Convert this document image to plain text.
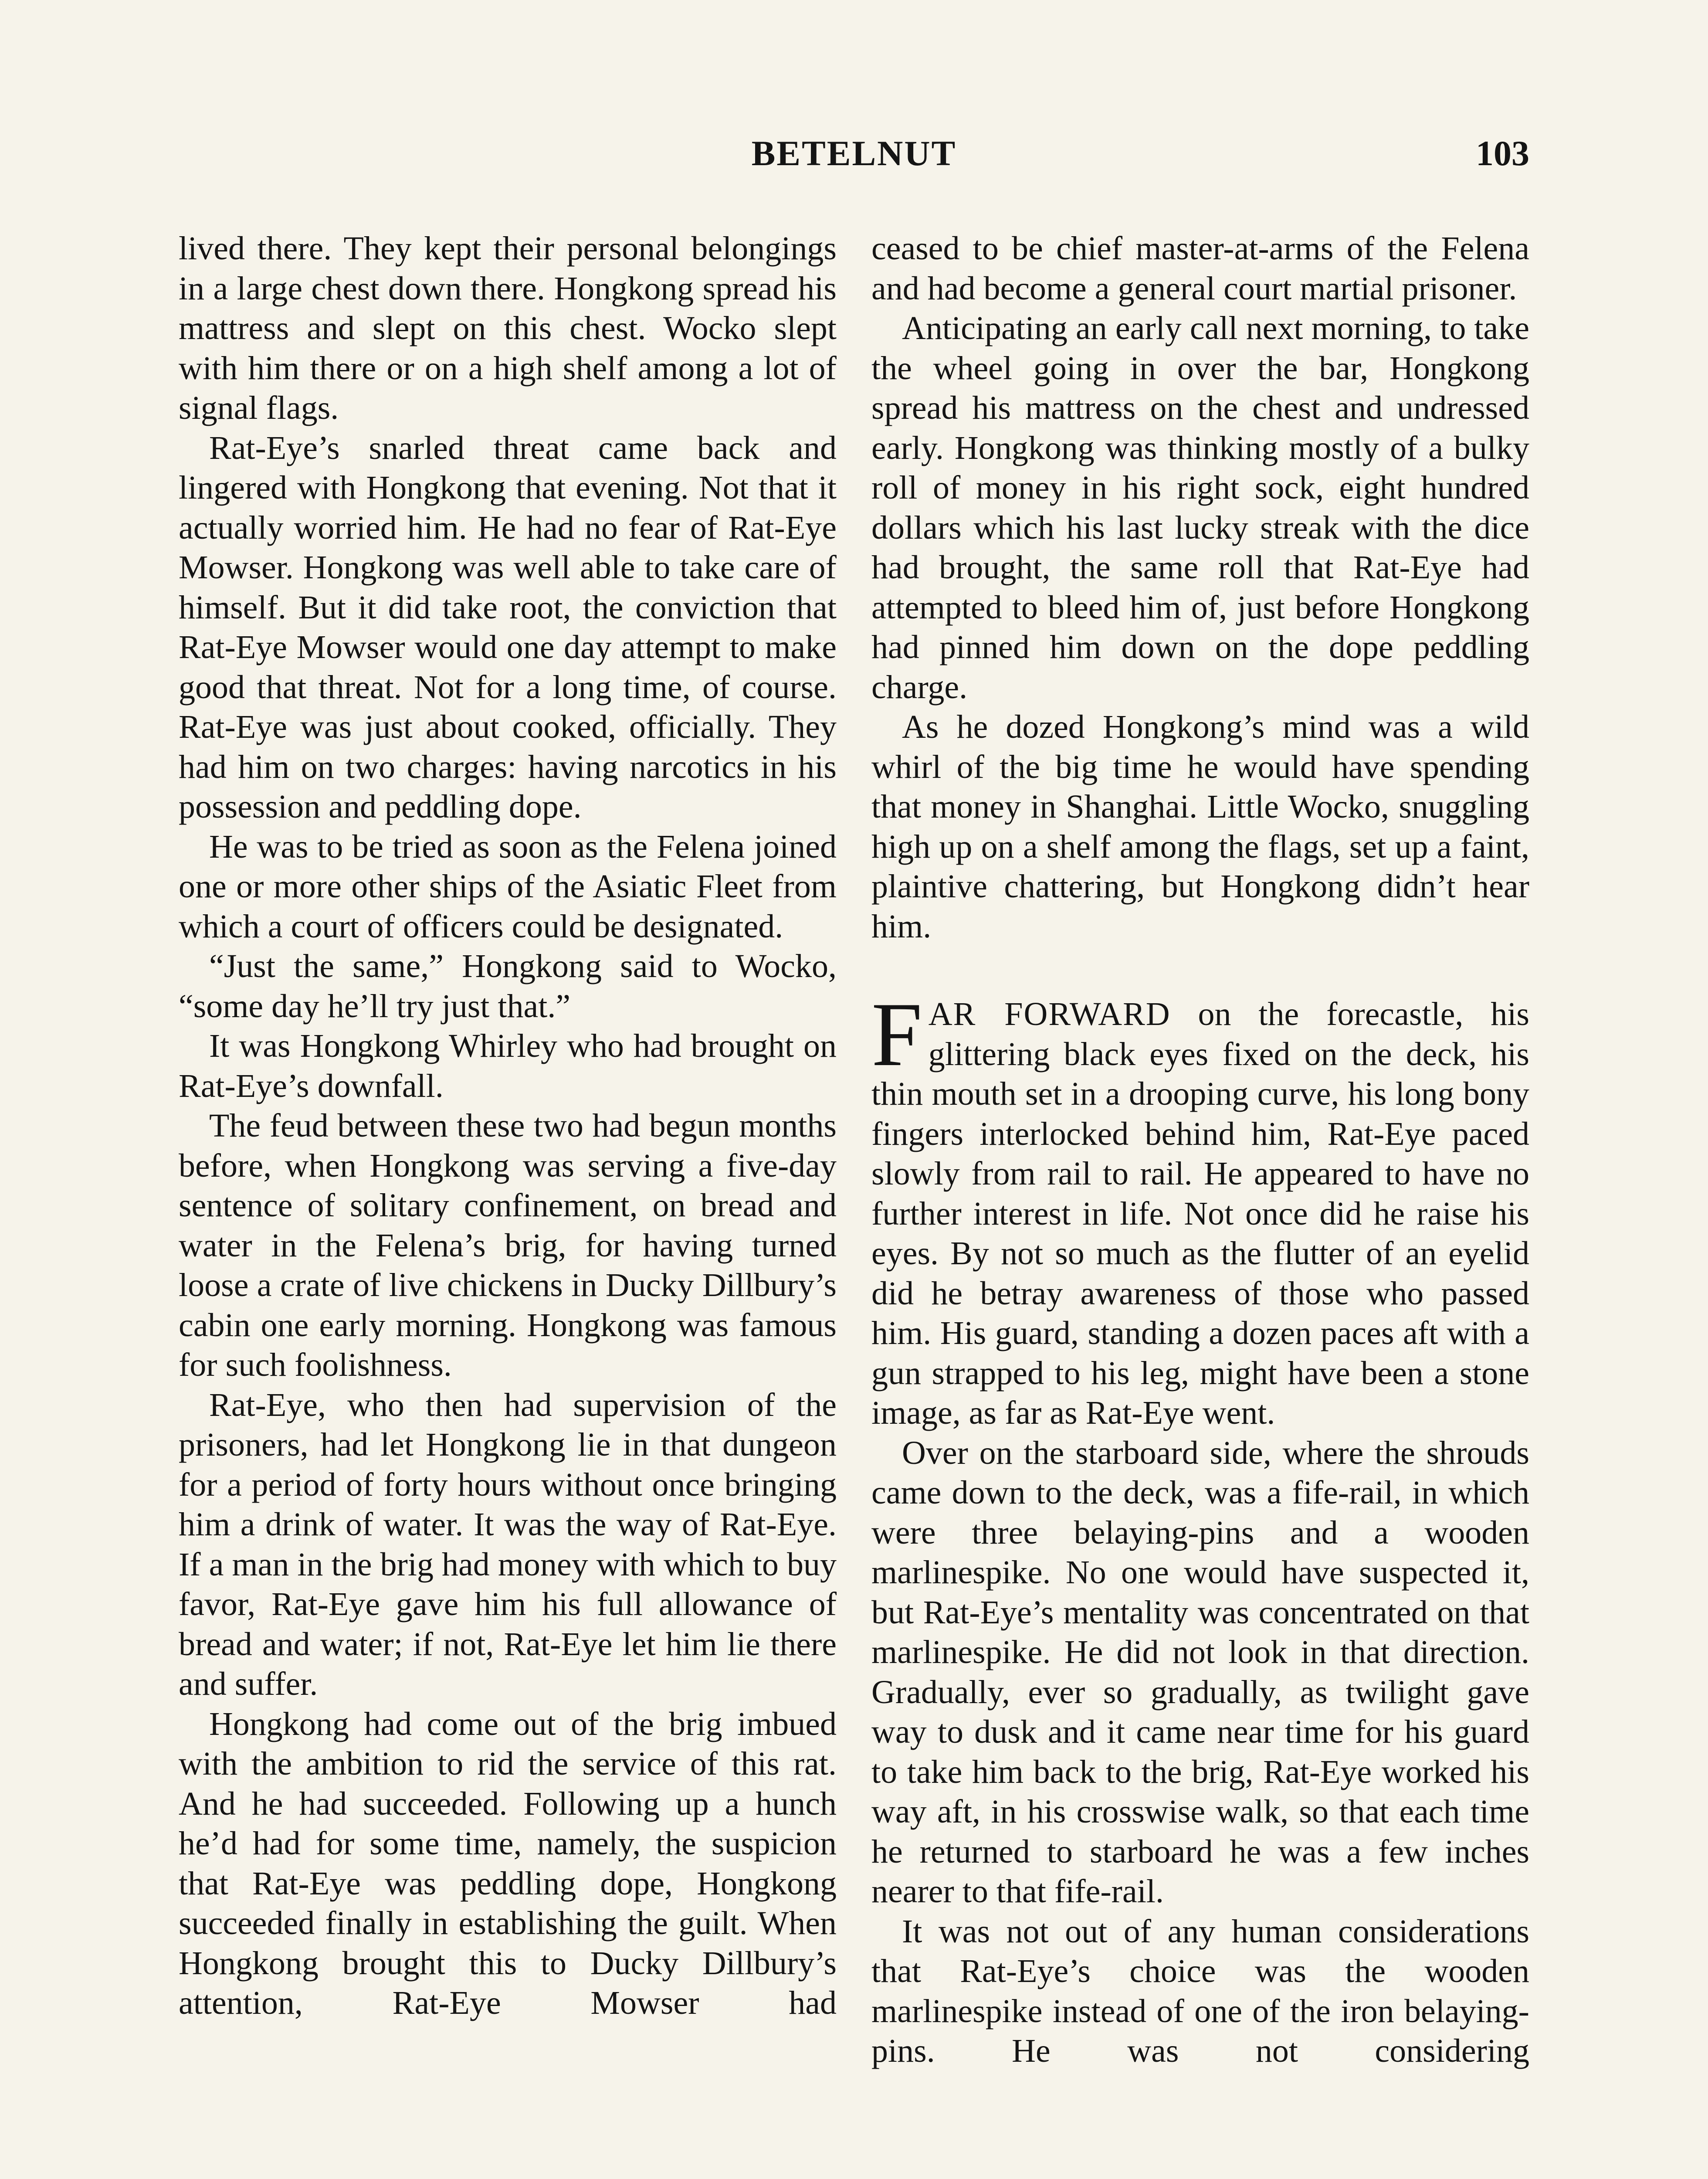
BETELNUT	103

lived there. They kept their personal belongings in a large chest down there. Hongkong spread his mattress and slept on this chest. Wocko slept with him there or on a high shelf among a lot of signal flags.

Rat-Eye’s snarled threat came back and lingered with Hongkong that evening. Not that it actually worried him. He had no fear of Rat-Eye Mowser. Hongkong was well able to take care of himself. But it did take root, the conviction that Rat-Eye Mowser would one day attempt to make good that threat. Not for a long time, of course. Rat-Eye was just about cooked, officially. They had him on two charges: having narcotics in his possession and peddling dope.

He was to be tried as soon as the Felena joined one or more other ships of the Asiatic Fleet from which a court of officers could be designated.

“Just the same,” Hongkong said to Wocko, “some day he’ll try just that.”

It was Hongkong Whirley who had brought on Rat-Eye’s downfall.

The feud between these two had begun months before, when Hongkong was serving a five-day sentence of solitary confinement, on bread and water in the Felena’s brig, for having turned loose a crate of live chickens in Ducky Dillbury’s cabin one early morning. Hongkong was famous for such foolishness.

Rat-Eye, who then had supervision of the prisoners, had let Hongkong lie in that dungeon for a period of forty hours without once bringing him a drink of water. It was the way of Rat-Eye. If a man in the brig had money with which to buy favor, Rat-Eye gave him his full allowance of bread and water; if not, Rat-Eye let him lie there and suffer.

Hongkong had come out of the brig imbued with the ambition to rid the service of this rat. And he had succeeded. Following up a hunch he’d had for some time, namely, the suspicion that Rat-Eye was peddling dope, Hongkong succeeded finally in establishing the guilt. When Hongkong brought this to Ducky Dillbury’s attention, Rat-Eye Mowser had

ceased to be chief master-at-arms of the Felena and had become a general court martial prisoner.

Anticipating an early call next morning, to take the wheel going in over the bar, Hongkong spread his mattress on the chest and undressed early. Hongkong was thinking mostly of a bulky roll of money in his right sock, eight hundred dollars which his last lucky streak with the dice had brought, the same roll that Rat-Eye had attempted to bleed him of, just before Hongkong had pinned him down on the dope peddling charge.

As he dozed Hongkong’s mind was a wild whirl of the big time he would have spending that money in Shanghai. Little Wocko, snuggling high up on a shelf among the flags, set up a faint, plaintive chattering, but Hongkong didn’t hear him.

FAR FORWARD on the forecastle, his glittering black eyes fixed on the deck, his thin mouth set in a drooping curve, his long bony fingers interlocked behind him, Rat-Eye paced slowly from rail to rail. He appeared to have no further interest in life. Not once did he raise his eyes. By not so much as the flutter of an eyelid did he betray awareness of those who passed him. His guard, standing a dozen paces aft with a gun strapped to his leg, might have been a stone image, as far as Rat-Eye went.

Over on the starboard side, where the shrouds came down to the deck, was a fife-rail, in which were three belaying-pins and a wooden marlinespike. No one would have suspected it, but Rat-Eye’s mentality was concentrated on that marlinespike. He did not look in that direction. Gradually, ever so gradually, as twilight gave way to dusk and it came near time for his guard to take him back to the brig, Rat-Eye worked his way aft, in his crosswise walk, so that each time he returned to starboard he was a few inches nearer to that fife-rail.

It was not out of any human considerations that Rat-Eye’s choice was the wooden marlinespike instead of one of the iron belaying-pins. He was not considering
